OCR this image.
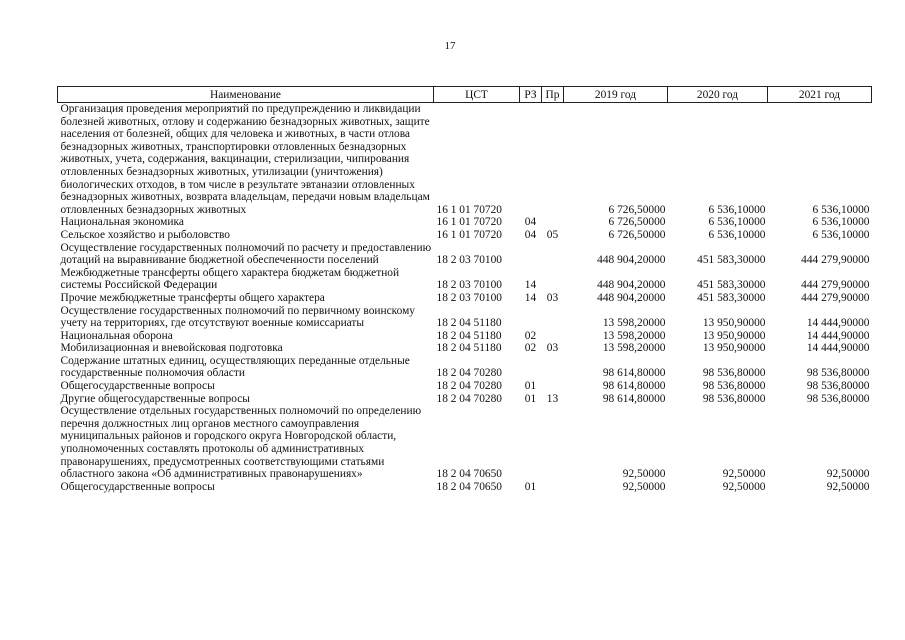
17
Наименование	ЦСТ	РЗ	Пр	2019 год	2020 год	2021 год
Организация проведения мероприятий по предупреждению и ликвидации болезней животных, отлову и содержанию безнадзорных животных, защите населения от болезней, общих для человека и животных, в части отлова безнадзорных животных, транспортировки отловленных безнадзорных животных, учета, содержания, вакцинации, стерилизации, чипирования отловленных безнадзорных животных, утилизации (уничтожения) биологических отходов, в том числе в результате эвтаназии отловленных безнадзорных животных, возврата владельцам, передачи новым владельцам отловленных безнадзорных животных	16 1 01 70720			6 726,50000	6 536,10000	6 536,10000
Национальная экономика	16 1 01 70720	04		6 726,50000	6 536,10000	6 536,10000
Сельское хозяйство и рыболовство	16 1 01 70720	04	05	6 726,50000	6 536,10000	6 536,10000
Осуществление государственных полномочий по расчету и предоставлению дотаций на выравнивание бюджетной обеспеченности поселений	18 2 03 70100			448 904,20000	451 583,30000	444 279,90000
Межбюджетные трансферты общего характера бюджетам бюджетной системы Российской Федерации	18 2 03 70100	14		448 904,20000	451 583,30000	444 279,90000
Прочие межбюджетные трансферты общего характера	18 2 03 70100	14	03	448 904,20000	451 583,30000	444 279,90000
Осуществление государственных полномочий по первичному воинскому учету на территориях, где отсутствуют военные комиссариаты	18 2 04 51180			13 598,20000	13 950,90000	14 444,90000
Национальная оборона	18 2 04 51180	02		13 598,20000	13 950,90000	14 444,90000
Мобилизационная и вневойсковая подготовка	18 2 04 51180	02	03	13 598,20000	13 950,90000	14 444,90000
Содержание штатных единиц, осуществляющих переданные отдельные государственные полномочия области	18 2 04 70280			98 614,80000	98 536,80000	98 536,80000
Общегосударственные вопросы	18 2 04 70280	01		98 614,80000	98 536,80000	98 536,80000
Другие общегосударственные вопросы	18 2 04 70280	01	13	98 614,80000	98 536,80000	98 536,80000
Осуществление отдельных государственных полномочий по определению перечня должностных лиц органов местного самоуправления муниципальных районов и городского округа Новгородской области, уполномоченных составлять протоколы об административных правонарушениях, предусмотренных соответствующими статьями областного закона «Об административных правонарушениях»	18 2 04 70650			92,50000	92,50000	92,50000
Общегосударственные вопросы	18 2 04 70650	01		92,50000	92,50000	92,50000
